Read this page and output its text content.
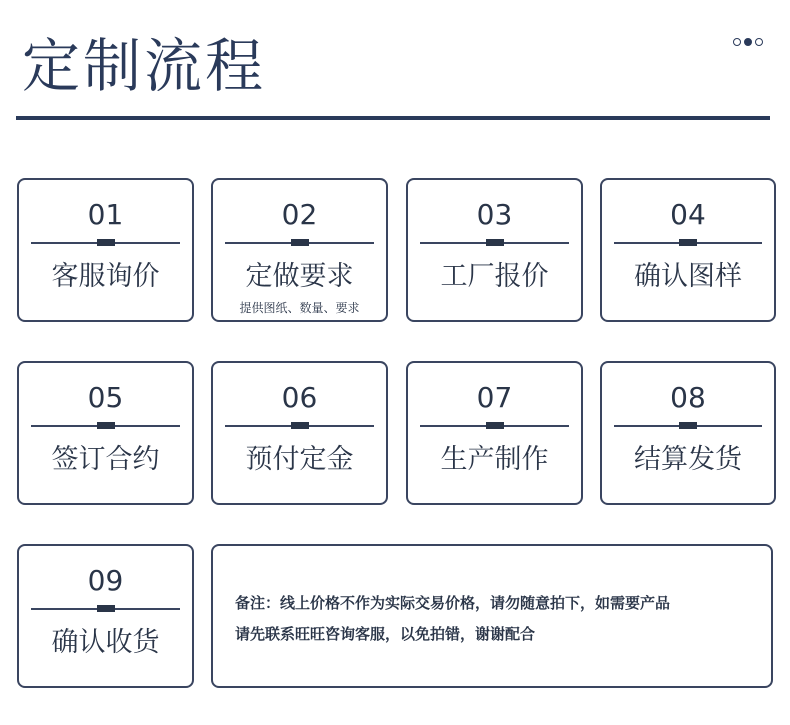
定制流程
01
客服询价
02
定做要求
提供图纸、数量、要求
03
工厂报价
04
确认图样
05
签订合约
06
预付定金
07
生产制作
08
结算发货
09
确认收货
备注：线上价格不作为实际交易价格，请勿随意拍下，如需要产品
请先联系旺旺咨询客服，以免拍错，谢谢配合
